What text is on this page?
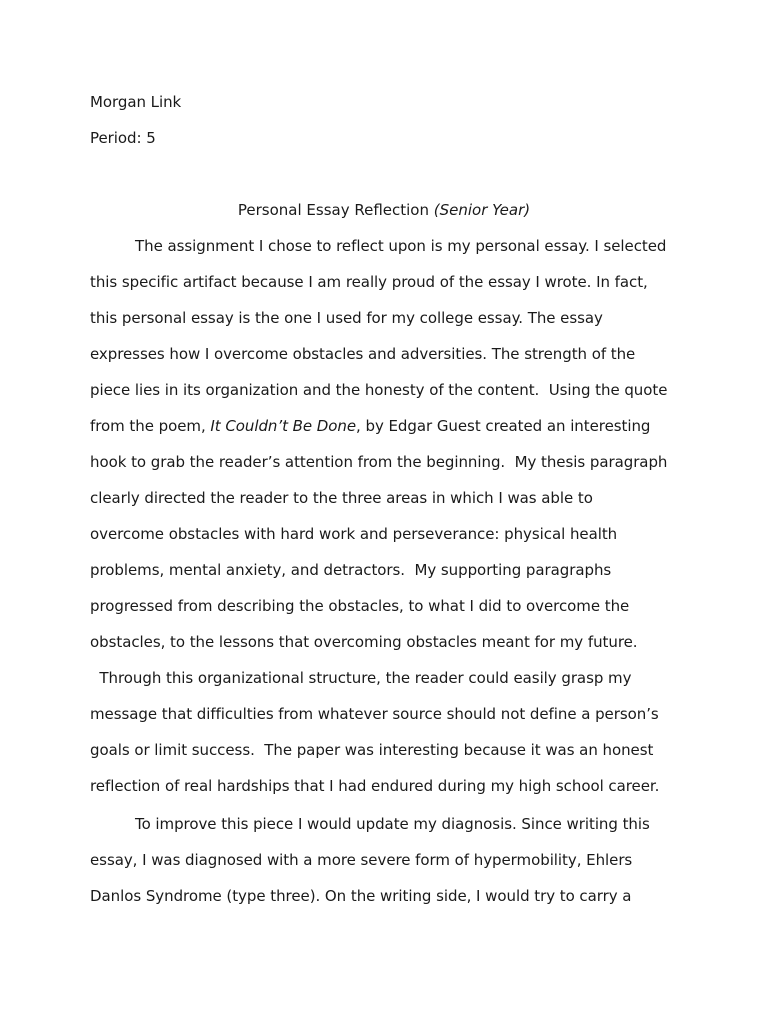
Morgan Link
Period: 5
Personal Essay Reflection (Senior Year)
The assignment I chose to reflect upon is my personal essay. I selected
this specific artifact because I am really proud of the essay I wrote. In fact,
this personal essay is the one I used for my college essay. The essay
expresses how I overcome obstacles and adversities. The strength of the
piece lies in its organization and the honesty of the content.  Using the quote
from the poem, It Couldn’t Be Done, by Edgar Guest created an interesting
hook to grab the reader’s attention from the beginning.  My thesis paragraph
clearly directed the reader to the three areas in which I was able to
overcome obstacles with hard work and perseverance: physical health
problems, mental anxiety, and detractors.  My supporting paragraphs
progressed from describing the obstacles, to what I did to overcome the
obstacles, to the lessons that overcoming obstacles meant for my future.
Through this organizational structure, the reader could easily grasp my
message that difficulties from whatever source should not define a person’s
goals or limit success.  The paper was interesting because it was an honest
reflection of real hardships that I had endured during my high school career.
To improve this piece I would update my diagnosis. Since writing this
essay, I was diagnosed with a more severe form of hypermobility, Ehlers
Danlos Syndrome (type three). On the writing side, I would try to carry a
